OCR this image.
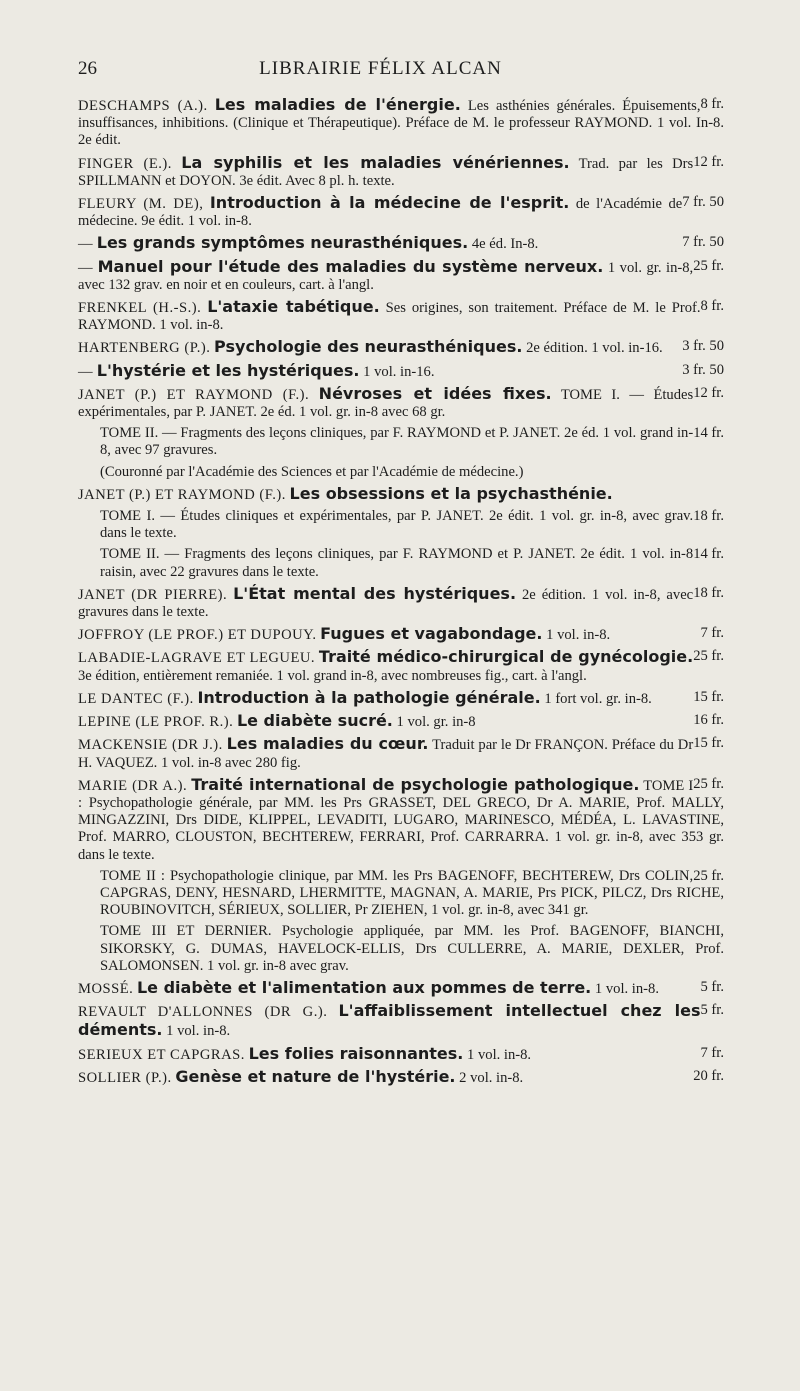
26	LIBRAIRIE FÉLIX ALCAN
8 fr.
DESCHAMPS (A.). Les maladies de l'énergie. Les asthénies générales. Épuisements, insuffisances, inhibitions. (Clinique et Thérapeutique). Préface de M. le professeur RAYMOND. 1 vol. In-8. 2e édit.
12 fr.
FINGER (E.). La syphilis et les maladies vénériennes. Trad. par les Drs SPILLMANN et DOYON. 3e édit. Avec 8 pl. h. texte.
7 fr. 50
FLEURY (M. DE), Introduction à la médecine de l'esprit. de l'Académie de médecine. 9e édit. 1 vol. in-8.
7 fr. 50
— Les grands symptômes neurasthéniques. 4e éd. In-8.
25 fr.
— Manuel pour l'étude des maladies du système nerveux. 1 vol. gr. in-8, avec 132 grav. en noir et en couleurs, cart. à l'angl.
8 fr.
FRENKEL (H.-S.). L'ataxie tabétique. Ses origines, son traitement. Préface de M. le Prof. RAYMOND. 1 vol. in-8.
3 fr. 50
HARTENBERG (P.). Psychologie des neurasthéniques. 2e édition. 1 vol. in-16.
3 fr. 50
— L'hystérie et les hystériques. 1 vol. in-16.
12 fr.
JANET (P.) ET RAYMOND (F.). Névroses et idées fixes. TOME I. — Études expérimentales, par P. JANET. 2e éd. 1 vol. gr. in-8 avec 68 gr.
14 fr.
TOME II. — Fragments des leçons cliniques, par F. RAYMOND et P. JANET. 2e éd. 1 vol. grand in-8, avec 97 gravures.
(Couronné par l'Académie des Sciences et par l'Académie de médecine.)
JANET (P.) ET RAYMOND (F.). Les obsessions et la psychasthénie.
18 fr.
TOME I. — Études cliniques et expérimentales, par P. JANET. 2e édit. 1 vol. gr. in-8, avec grav. dans le texte.
14 fr.
TOME II. — Fragments des leçons cliniques, par F. RAYMOND et P. JANET. 2e édit. 1 vol. in-8 raisin, avec 22 gravures dans le texte.
18 fr.
JANET (DR PIERRE). L'État mental des hystériques. 2e édition. 1 vol. in-8, avec gravures dans le texte.
7 fr.
JOFFROY (LE PROF.) ET DUPOUY. Fugues et vagabondage. 1 vol. in-8.
25 fr.
LABADIE-LAGRAVE ET LEGUEU. Traité médico-chirurgical de gynécologie. 3e édition, entièrement remaniée. 1 vol. grand in-8, avec nombreuses fig., cart. à l'angl.
15 fr.
LE DANTEC (F.). Introduction à la pathologie générale. 1 fort vol. gr. in-8.
16 fr.
LEPINE (LE PROF. R.). Le diabète sucré. 1 vol. gr. in-8
15 fr.
MACKENSIE (DR J.). Les maladies du cœur. Traduit par le Dr FRANÇON. Préface du Dr H. VAQUEZ. 1 vol. in-8 avec 280 fig.
25 fr.
MARIE (DR A.). Traité international de psychologie pathologique. TOME I : Psychopathologie générale, par MM. les Prs GRASSET, DEL GRECO, Dr A. MARIE, Prof. MALLY, MINGAZZINI, Drs DIDE, KLIPPEL, LEVADITI, LUGARO, MARINESCO, MÉDÉA, L. LAVASTINE, Prof. MARRO, CLOUSTON, BECHTEREW, FERRARI, Prof. CARRARRA. 1 vol. gr. in-8, avec 353 gr. dans le texte.
25 fr.
TOME II : Psychopathologie clinique, par MM. les Prs BAGENOFF, BECHTEREW, Drs COLIN, CAPGRAS, DENY, HESNARD, LHERMITTE, MAGNAN, A. MARIE, Prs PICK, PILCZ, Drs RICHE, ROUBINOVITCH, SÉRIEUX, SOLLIER, Pr ZIEHEN, 1 vol. gr. in-8, avec 341 gr.
TOME III ET DERNIER. Psychologie appliquée, par MM. les Prof. BAGENOFF, BIANCHI, SIKORSKY, G. DUMAS, HAVELOCK-ELLIS, Drs CULLERRE, A. MARIE, DEXLER, Prof. SALOMONSEN. 1 vol. gr. in-8 avec grav.
5 fr.
MOSSÉ. Le diabète et l'alimentation aux pommes de terre. 1 vol. in-8.
5 fr.
REVAULT D'ALLONNES (DR G.). L'affaiblissement intellectuel chez les déments. 1 vol. in-8.
7 fr.
SERIEUX ET CAPGRAS. Les folies raisonnantes. 1 vol. in-8.
20 fr.
SOLLIER (P.). Genèse et nature de l'hystérie. 2 vol. in-8.
